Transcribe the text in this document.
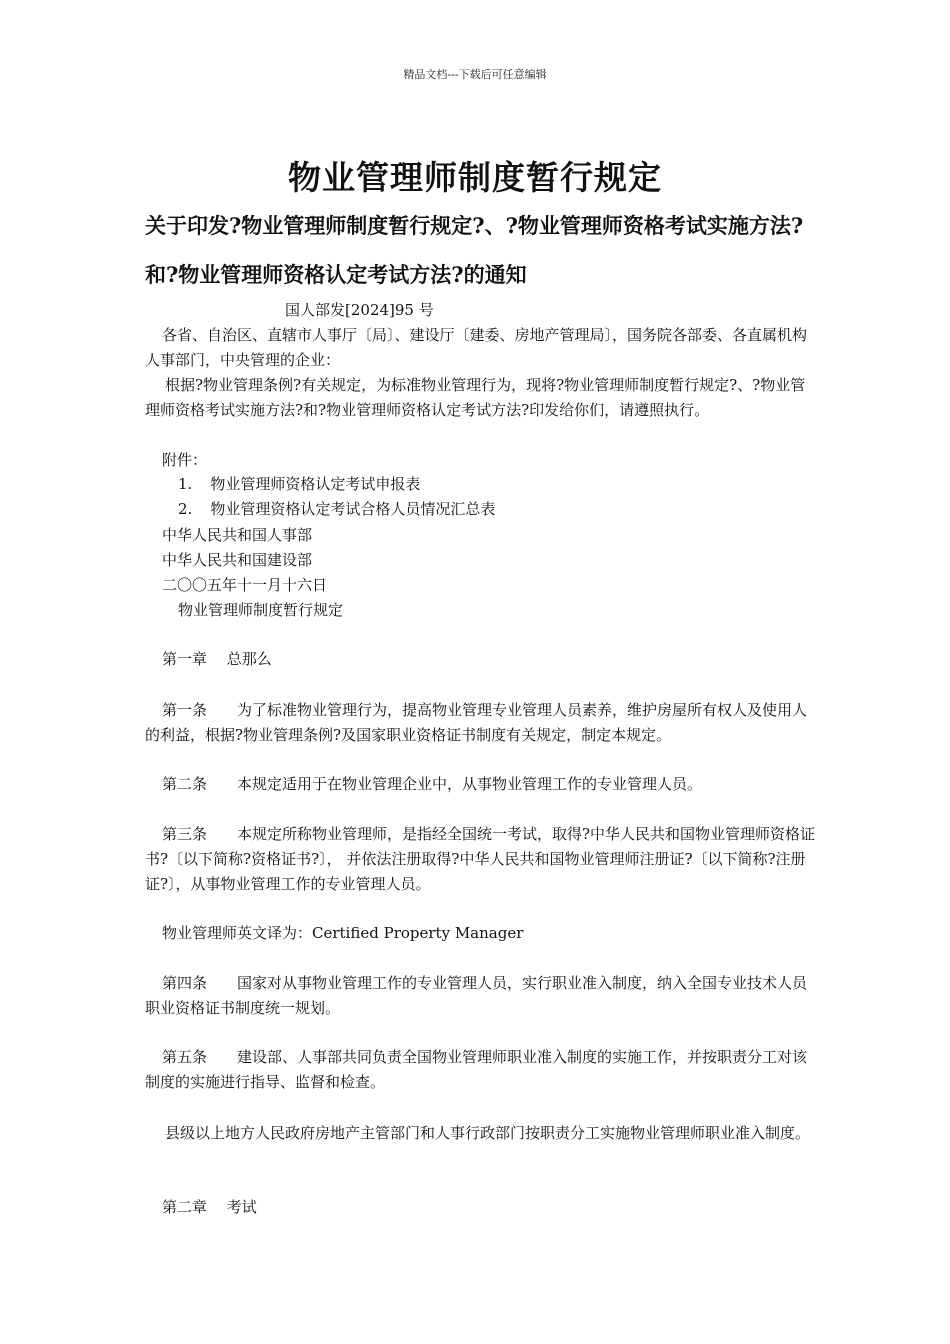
精品文档---下载后可任意编辑
物业管理师制度暂行规定
关于印发?物业管理师制度暂行规定?、?物业管理师资格考试实施方法?和?物业管理师资格认定考试方法?的通知
国人部发[2024]95 号
各省、自治区、直辖市人事厅〔局〕、建设厅〔建委、房地产管理局〕，国务院各部委、各直属机构人事部门，中央管理的企业：
根据?物业管理条例?有关规定，为标准物业管理行为，现将?物业管理师制度暂行规定?、?物业管理师资格考试实施方法?和?物业管理师资格认定考试方法?印发给你们，请遵照执行。
附件：
1. 物业管理师资格认定考试申报表
2. 物业管理资格认定考试合格人员情况汇总表
中华人民共和国人事部
中华人民共和国建设部
二〇〇五年十一月十六日
物业管理师制度暂行规定
第一章　 总那么
第一条　　为了标准物业管理行为，提高物业管理专业管理人员素养，维护房屋所有权人及使用人的利益，根据?物业管理条例?及国家职业资格证书制度有关规定，制定本规定。
第二条　　本规定适用于在物业管理企业中，从事物业管理工作的专业管理人员。
第三条　　本规定所称物业管理师，是指经全国统一考试，取得?中华人民共和国物业管理师资格证书?〔以下简称?资格证书?〕， 并依法注册取得?中华人民共和国物业管理师注册证?〔以下简称?注册证?〕，从事物业管理工作的专业管理人员。
物业管理师英文译为：Certified Property Manager
第四条　　国家对从事物业管理工作的专业管理人员，实行职业准入制度，纳入全国专业技术人员职业资格证书制度统一规划。
第五条　　建设部、人事部共同负责全国物业管理师职业准入制度的实施工作，并按职责分工对该制度的实施进行指导、监督和检查。
县级以上地方人民政府房地产主管部门和人事行政部门按职责分工实施物业管理师职业准入制度。
第二章　 考试
